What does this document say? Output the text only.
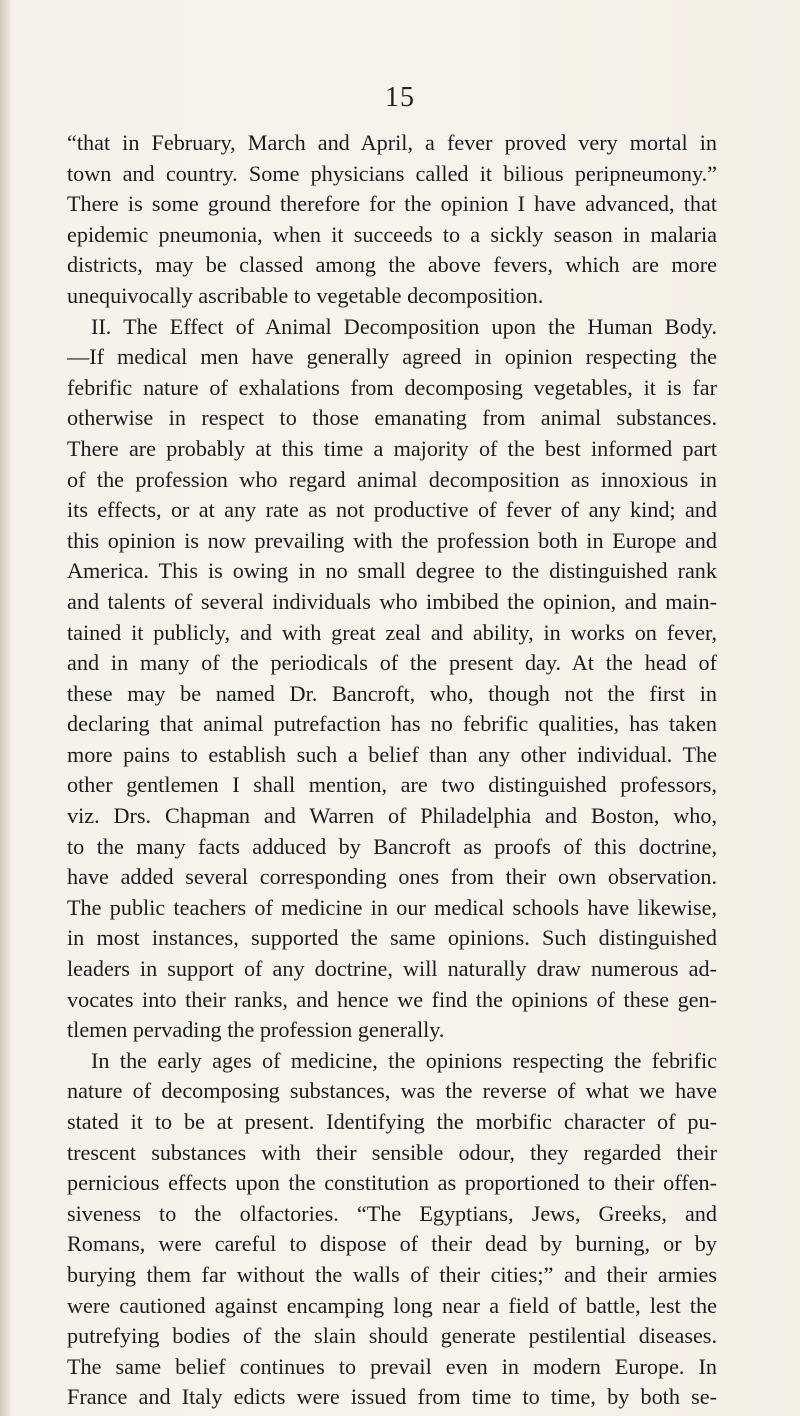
15
“that in February, March and April, a fever proved very mortal in
town and country. Some physicians called it bilious peripneumony.”
There is some ground therefore for the opinion I have advanced, that
epidemic pneumonia, when it succeeds to a sickly season in malaria
districts, may be classed among the above fevers, which are more
unequivocally ascribable to vegetable decomposition.
II. The Effect of Animal Decomposition upon the Human Body.
—If medical men have generally agreed in opinion respecting the
febrific nature of exhalations from decomposing vegetables, it is far
otherwise in respect to those emanating from animal substances.
There are probably at this time a majority of the best informed part
of the profession who regard animal decomposition as innoxious in
its effects, or at any rate as not productive of fever of any kind; and
this opinion is now prevailing with the profession both in Europe and
America. This is owing in no small degree to the distinguished rank
and talents of several individuals who imbibed the opinion, and main-
tained it publicly, and with great zeal and ability, in works on fever,
and in many of the periodicals of the present day. At the head of
these may be named Dr. Bancroft, who, though not the first in
declaring that animal putrefaction has no febrific qualities, has taken
more pains to establish such a belief than any other individual. The
other gentlemen I shall mention, are two distinguished professors,
viz. Drs. Chapman and Warren of Philadelphia and Boston, who,
to the many facts adduced by Bancroft as proofs of this doctrine,
have added several corresponding ones from their own observation.
The public teachers of medicine in our medical schools have likewise,
in most instances, supported the same opinions. Such distinguished
leaders in support of any doctrine, will naturally draw numerous ad-
vocates into their ranks, and hence we find the opinions of these gen-
tlemen pervading the profession generally.
In the early ages of medicine, the opinions respecting the febrific
nature of decomposing substances, was the reverse of what we have
stated it to be at present. Identifying the morbific character of pu-
trescent substances with their sensible odour, they regarded their
pernicious effects upon the constitution as proportioned to their offen-
siveness to the olfactories. “The Egyptians, Jews, Greeks, and
Romans, were careful to dispose of their dead by burning, or by
burying them far without the walls of their cities;” and their armies
were cautioned against encamping long near a field of battle, lest the
putrefying bodies of the slain should generate pestilential diseases.
The same belief continues to prevail even in modern Europe. In
France and Italy edicts were issued from time to time, by both se-
